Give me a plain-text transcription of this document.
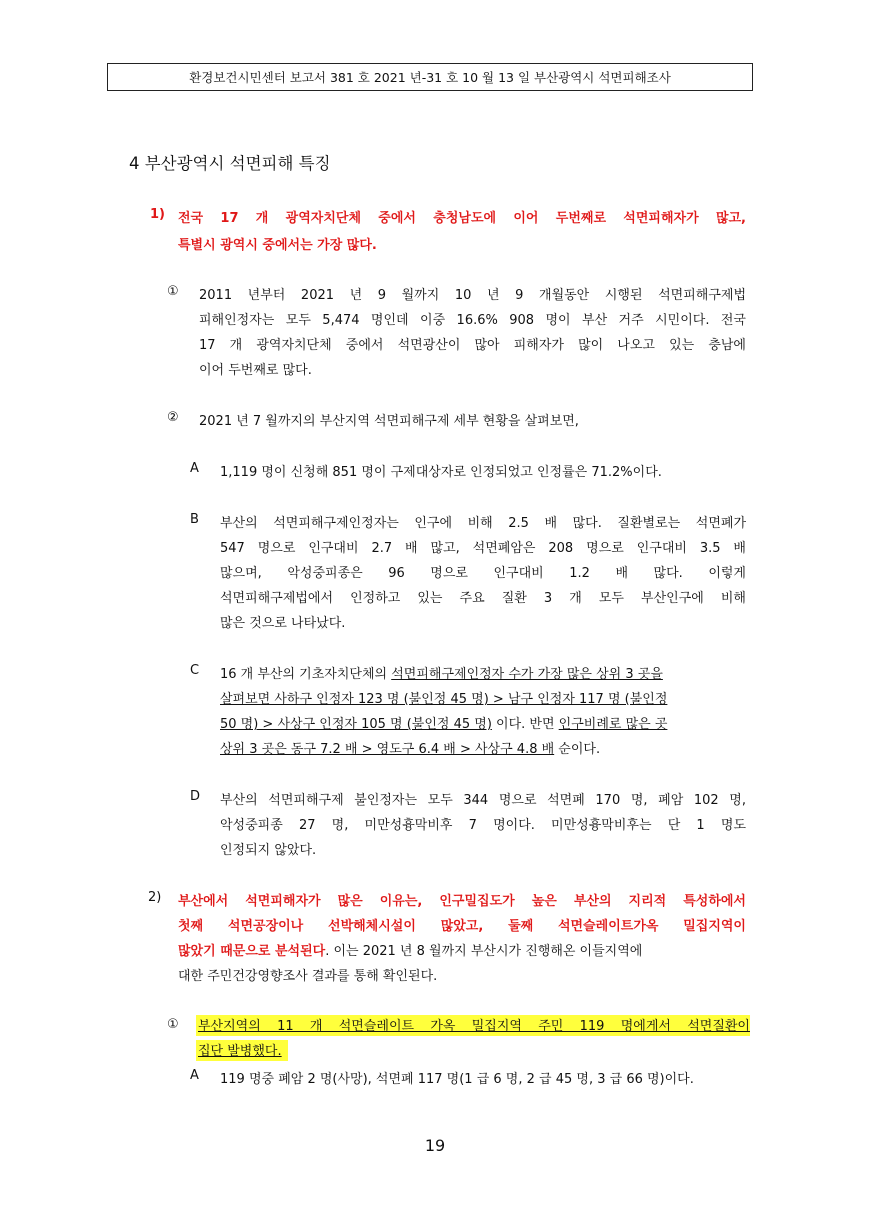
환경보건시민센터 보고서 381 호 2021 년-31 호 10 월 13 일 부산광역시 석면피해조사
4 부산광역시 석면피해 특징
1) 전국 17 개 광역자치단체 중에서 충청남도에 이어 두번째로 석면피해자가 많고,
특별시 광역시 중에서는 가장 많다.
① 2011 년부터 2021 년 9 월까지 10 년 9 개월동안 시행된 석면피해구제법
피해인정자는 모두 5,474 명인데 이중 16.6% 908 명이 부산 거주 시민이다. 전국
17 개 광역자치단체 중에서 석면광산이 많아 피해자가 많이 나오고 있는 충남에
이어 두번째로 많다.
② 2021 년 7 월까지의 부산지역 석면피해구제 세부 현황을 살펴보면,
A 1,119 명이 신청해 851 명이 구제대상자로 인정되었고 인정률은 71.2%이다.
B 부산의 석면피해구제인정자는 인구에 비해 2.5 배 많다. 질환별로는 석면폐가
547 명으로 인구대비 2.7 배 많고, 석면폐암은 208 명으로 인구대비 3.5 배
많으며, 악성중피종은 96 명으로 인구대비 1.2 배 많다. 이렇게
석면피해구제법에서 인정하고 있는 주요 질환 3 개 모두 부산인구에 비해
많은 것으로 나타났다.
C 16 개 부산의 기초자치단체의 석면피해구제인정자 수가 가장 많은 상위 3 곳을
살펴보면 사하구 인정자 123 명 (불인정 45 명) > 남구 인정자 117 명 (불인정
50 명) > 사상구 인정자 105 명 (불인정 45 명) 이다. 반면 인구비례로 많은 곳
상위 3 곳은 동구 7.2 배 > 영도구 6.4 배 > 사상구 4.8 배 순이다.
D 부산의 석면피해구제 불인정자는 모두 344 명으로 석면폐 170 명, 폐암 102 명,
악성중피종 27 명, 미만성흉막비후 7 명이다. 미만성흉막비후는 단 1 명도
인정되지 않았다.
2) 부산에서 석면피해자가 많은 이유는, 인구밀집도가 높은 부산의 지리적 특성하에서
첫째 석면공장이나 선박해체시설이 많았고, 둘째 석면슬레이트가옥 밀집지역이
많았기 때문으로 분석된다. 이는 2021 년 8 월까지 부산시가 진행해온 이들지역에
대한 주민건강영향조사 결과를 통해 확인된다.
① 부산지역의 11 개 석면슬레이트 가옥 밀집지역 주민 119 명에게서 석면질환이
집단 발병했다.
A 119 명중 폐암 2 명(사망), 석면폐 117 명(1 급 6 명, 2 급 45 명, 3 급 66 명)이다.
19
